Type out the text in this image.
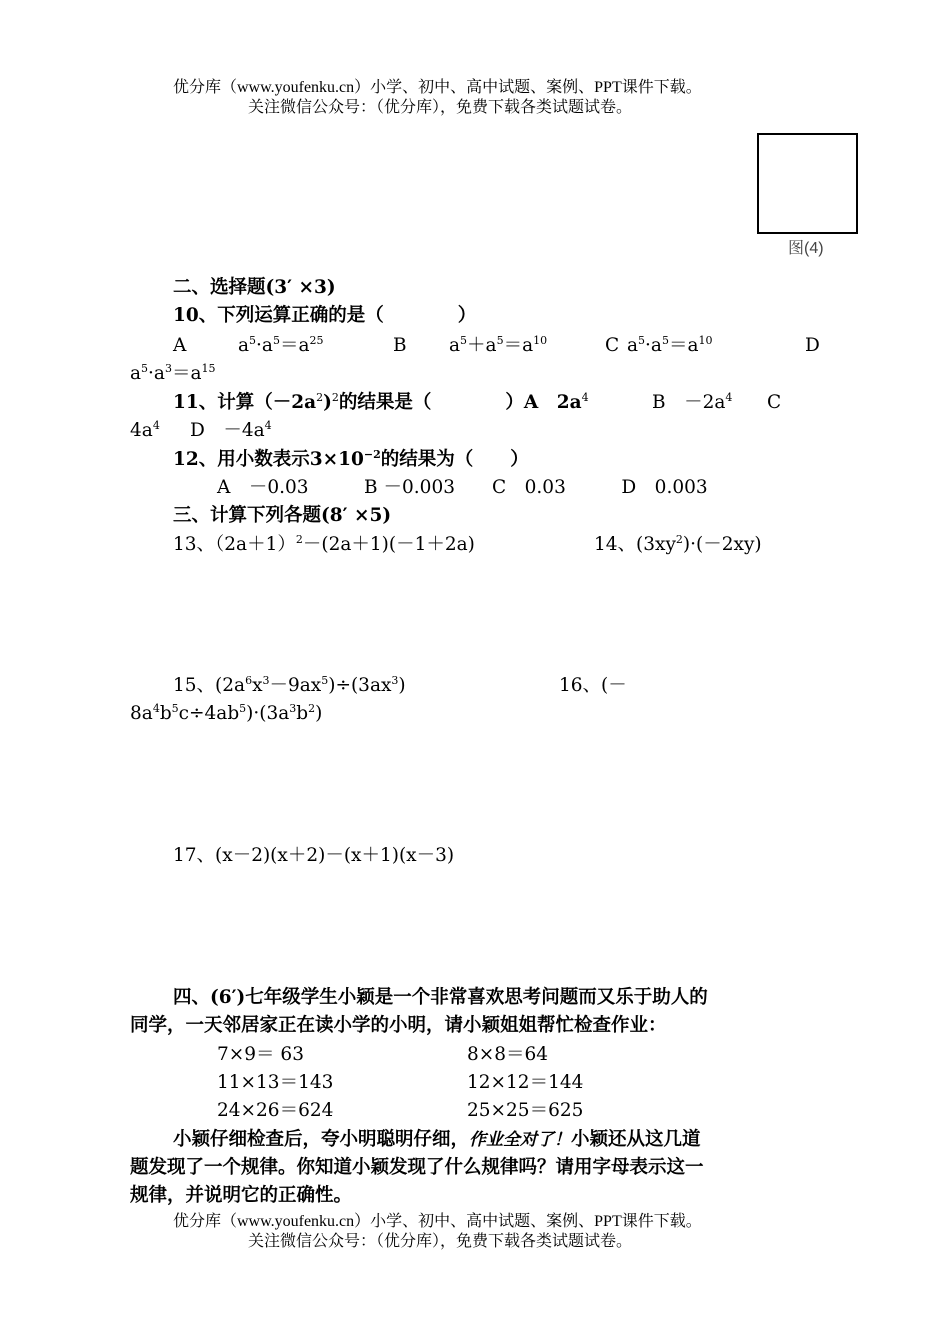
优分库（www.youfenku.cn）小学、初中、高中试题、案例、PPT课件下载。
关注微信公众号：（优分库），免费下载各类试题试卷。
图(4)
二、选择题(3′ ×3)
10、下列运算正确的是（　　　　）
A	$a^5\cdot a^5=a^{25}$	B $a^5+a^5=a^{10}$	C $a^5\cdot a^5=a^{10}$	D
$a^5\cdot a^3=a^{15}$
11、计算$(-2a^2)^2$的结果是（　　　　）A　$2a^4$	B　$-2a^4$ C
$4a^4$ D　$-4a^4$
12、用小数表示$3\times 10^{-2}$的结果为（　　）
A　－0.03　　　B －0.003　　C　0.03　　　D　0.003
三、计算下列各题(8′ ×5)
13、$(2a+1)^2-(2a+1)(-1+2a)$	14、$(3xy^2)\cdot(-2xy)$
15、$(2a^6x^3-9ax^5)\div(3ax^3)$	16、(－
$8a^4b^5c\div 4ab^5)\cdot(3a^3b^2)$
17、(x－2)(x＋2)－(x＋1)(x－3)
四、(6′)七年级学生小颖是一个非常喜欢思考问题而又乐于助人的
同学，一天邻居家正在读小学的小明，请小颖姐姐帮忙检查作业：
7×9＝ 63	8×8＝64
11×13＝143	12×12＝144
24×26＝624	25×25＝625
小颖仔细检查后，夸小明聪明仔细，作业全对了！小颖还从这几道
题发现了一个规律。你知道小颖发现了什么规律吗？请用字母表示这一
规律，并说明它的正确性。
优分库（www.youfenku.cn）小学、初中、高中试题、案例、PPT课件下载。
关注微信公众号：（优分库），免费下载各类试题试卷。
